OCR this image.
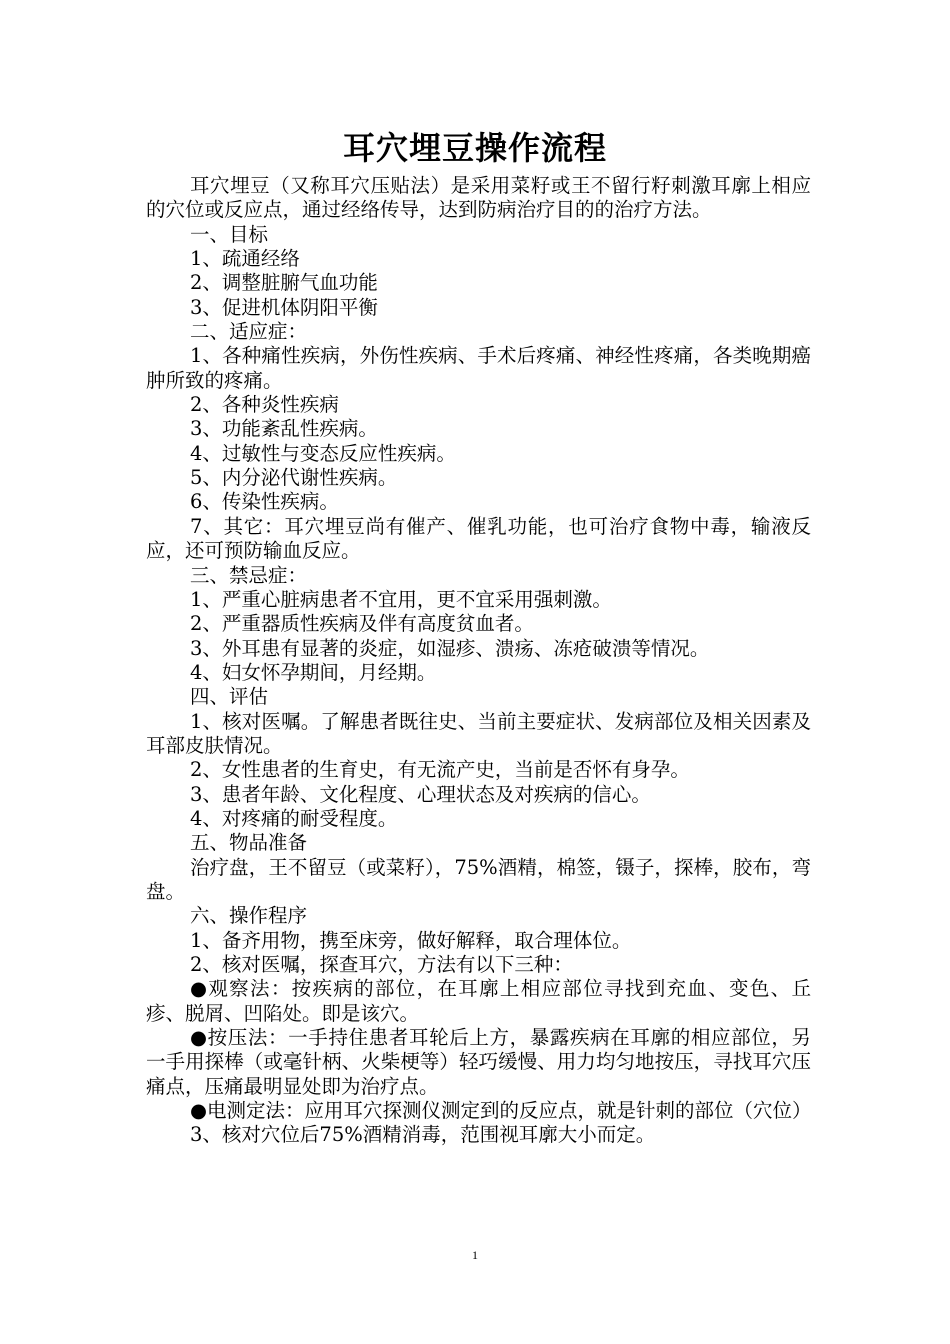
耳穴埋豆操作流程

耳穴埋豆（又称耳穴压贴法）是采用菜籽或王不留行籽刺激耳廓上相应的穴位或反应点，通过经络传导，达到防病治疗目的的治疗方法。

一、目标

1、疏通经络

2、调整脏腑气血功能

3、促进机体阴阳平衡

二、适应症：

1、各种痛性疾病，外伤性疾病、手术后疼痛、神经性疼痛，各类晚期癌肿所致的疼痛。

2、各种炎性疾病

3、功能紊乱性疾病。

4、过敏性与变态反应性疾病。

5、内分泌代谢性疾病。

6、传染性疾病。

7、其它：耳穴埋豆尚有催产、催乳功能，也可治疗食物中毒，输液反应，还可预防输血反应。

三、禁忌症：

1、严重心脏病患者不宜用，更不宜采用强刺激。

2、严重器质性疾病及伴有高度贫血者。

3、外耳患有显著的炎症，如湿疹、溃疡、冻疮破溃等情况。

4、妇女怀孕期间，月经期。

四、评估

1、核对医嘱。了解患者既往史、当前主要症状、发病部位及相关因素及耳部皮肤情况。

2、女性患者的生育史，有无流产史，当前是否怀有身孕。

3、患者年龄、文化程度、心理状态及对疾病的信心。

4、对疼痛的耐受程度。

五、物品准备

治疗盘，王不留豆（或菜籽），75%酒精，棉签，镊子，探棒，胶布，弯盘。

六、操作程序

1、备齐用物，携至床旁，做好解释，取合理体位。

2、核对医嘱，探查耳穴，方法有以下三种：

●观察法：按疾病的部位，在耳廓上相应部位寻找到充血、变色、丘疹、脱屑、凹陷处。即是该穴。

●按压法：一手持住患者耳轮后上方，暴露疾病在耳廓的相应部位，另一手用探棒（或毫针柄、火柴梗等）轻巧缓慢、用力均匀地按压，寻找耳穴压痛点，压痛最明显处即为治疗点。

●电测定法：应用耳穴探测仪测定到的反应点，就是针刺的部位（穴位）

3、核对穴位后75%酒精消毒，范围视耳廓大小而定。

1
